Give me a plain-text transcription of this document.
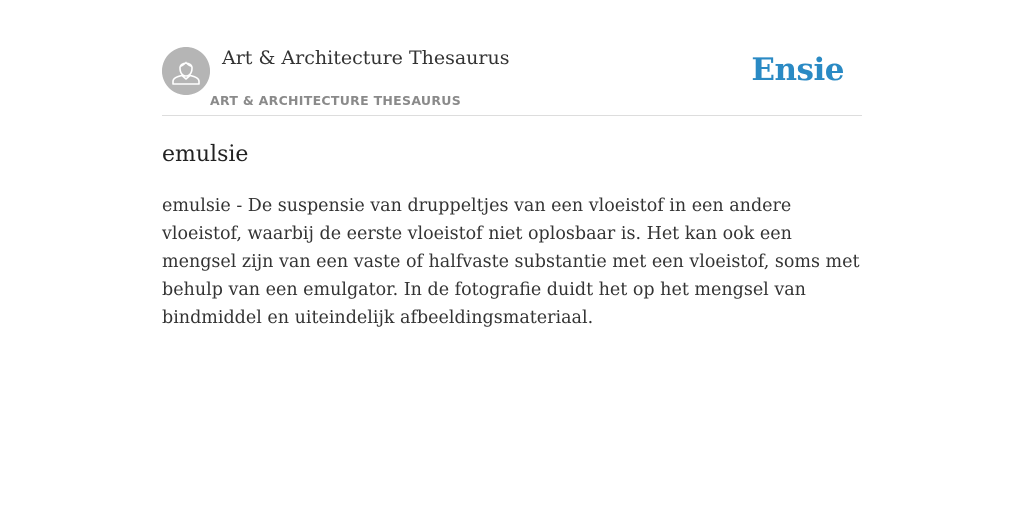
Art & Architecture Thesaurus
ART & ARCHITECTURE THESAURUS
Ensie
emulsie

emulsie - De suspensie van druppeltjes van een vloeistof in een andere vloeistof, waarbij de eerste vloeistof niet oplosbaar is. Het kan ook een mengsel zijn van een vaste of halfvaste substantie met een vloeistof, soms met behulp van een emulgator. In de fotografie duidt het op het mengsel van bindmiddel en uiteindelijk afbeeldingsmateriaal.
